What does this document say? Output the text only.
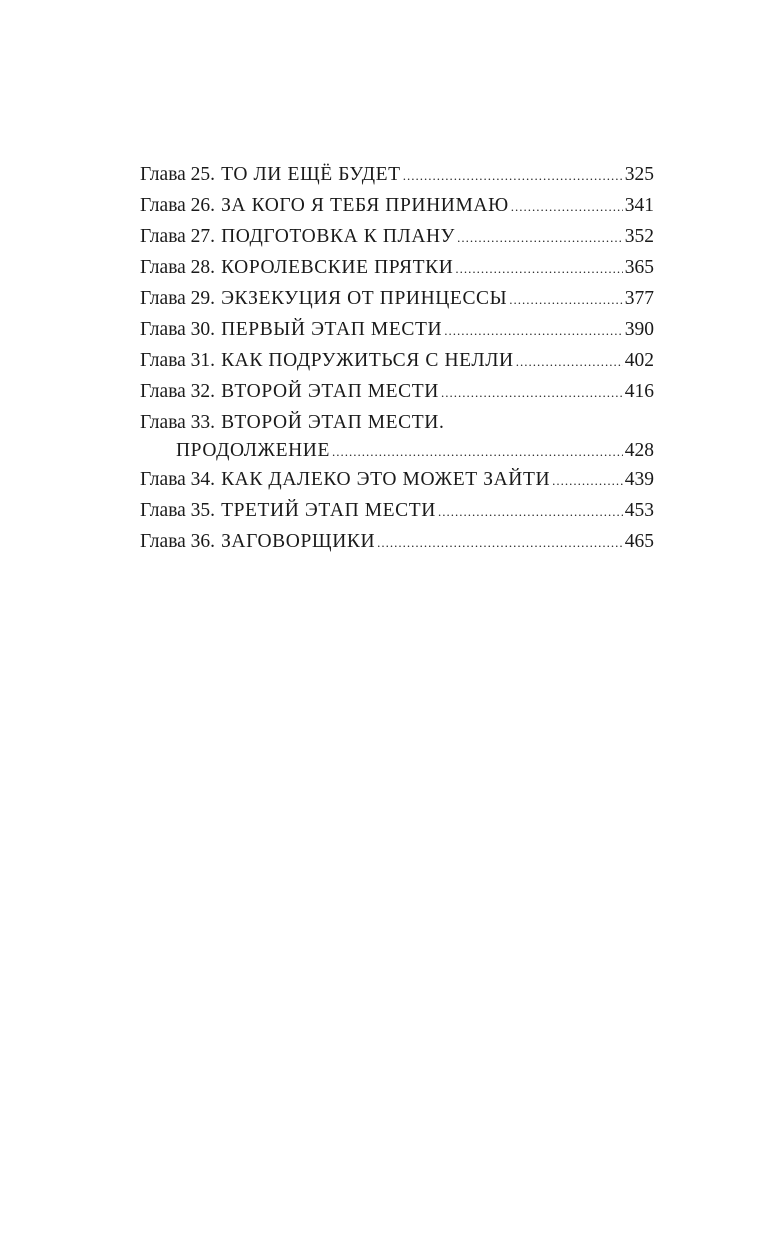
Глава 25. ТО ЛИ ЕЩЁ БУДЕТ .....	325
Глава 26. ЗА КОГО Я ТЕБЯ ПРИНИМАЮ .....	341
Глава 27. ПОДГОТОВКА К ПЛАНУ .....	352
Глава 28. КОРОЛЕВСКИЕ ПРЯТКИ .....	365
Глава 29. ЭКЗЕКУЦИЯ ОТ ПРИНЦЕССЫ .....	377
Глава 30. ПЕРВЫЙ ЭТАП МЕСТИ .....	390
Глава 31. КАК ПОДРУЖИТЬСЯ С НЕЛЛИ .....	402
Глава 32. ВТОРОЙ ЭТАП МЕСТИ .....	416
Глава 33. ВТОРОЙ ЭТАП МЕСТИ.
ПРОДОЛЖЕНИЕ .....	428
Глава 34. КАК ДАЛЕКО ЭТО МОЖЕТ ЗАЙТИ .....	439
Глава 35. ТРЕТИЙ ЭТАП МЕСТИ .....	453
Глава 36. ЗАГОВОРЩИКИ .....	465
